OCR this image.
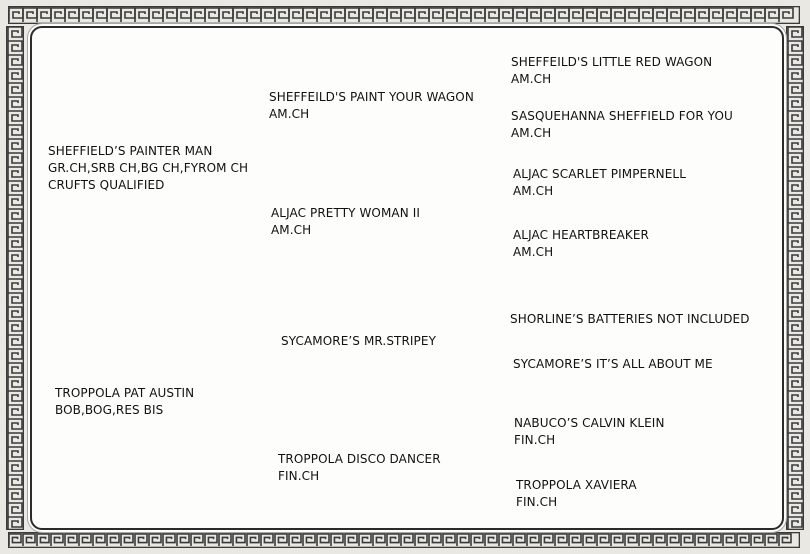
SHEFFIELD’S PAINTER MAN
GR.CH,SRB CH,BG CH,FYROM CH
CRUFTS QUALIFIED
TROPPOLA PAT AUSTIN
BOB,BOG,RES BIS
SHEFFEILD'S PAINT YOUR WAGON
AM.CH
ALJAC PRETTY WOMAN II
AM.CH
SYCAMORE’S MR.STRIPEY
TROPPOLA DISCO DANCER
FIN.CH
SHEFFEILD'S LITTLE RED WAGON
AM.CH
SASQUEHANNA SHEFFIELD FOR YOU
AM.CH
ALJAC SCARLET PIMPERNELL
AM.CH
ALJAC HEARTBREAKER
AM.CH
SHORLINE’S BATTERIES NOT INCLUDED
SYCAMORE’S IT’S ALL ABOUT ME
NABUCO’S CALVIN KLEIN
FIN.CH
TROPPOLA XAVIERA
FIN.CH
